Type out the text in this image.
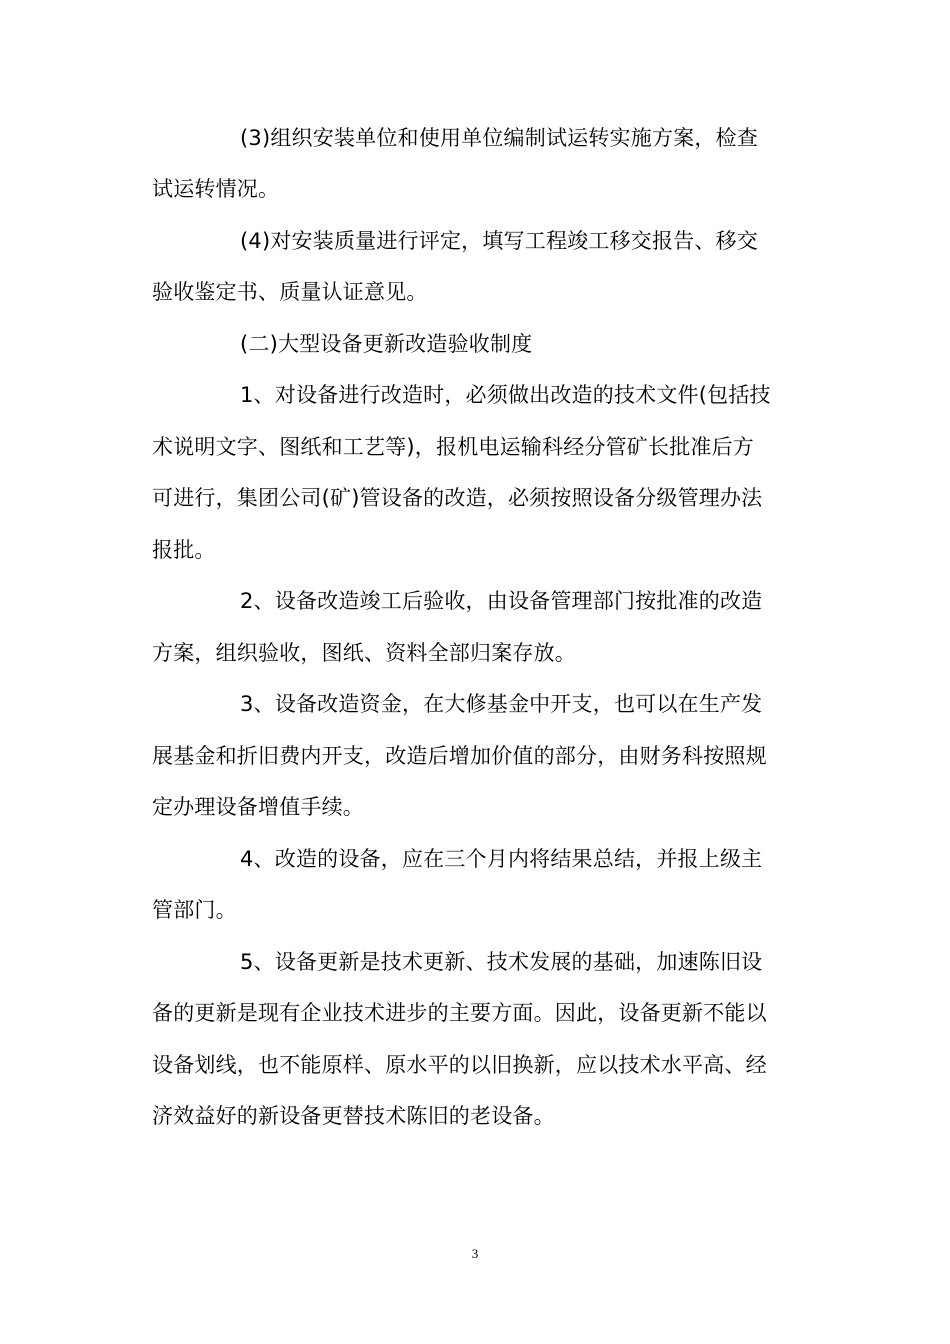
(3)组织安装单位和使用单位编制试运转实施方案，检查
试运转情况。
(4)对安装质量进行评定，填写工程竣工移交报告、移交
验收鉴定书、质量认证意见。
(二)大型设备更新改造验收制度
1、对设备进行改造时，必须做出改造的技术文件(包括技
术说明文字、图纸和工艺等)，报机电运输科经分管矿长批准后方
可进行，集团公司(矿)管设备的改造，必须按照设备分级管理办法
报批。
2、设备改造竣工后验收，由设备管理部门按批准的改造
方案，组织验收，图纸、资料全部归案存放。
3、设备改造资金，在大修基金中开支，也可以在生产发
展基金和折旧费内开支，改造后增加价值的部分，由财务科按照规
定办理设备增值手续。
4、改造的设备，应在三个月内将结果总结，并报上级主
管部门。
5、设备更新是技术更新、技术发展的基础，加速陈旧设
备的更新是现有企业技术进步的主要方面。因此，设备更新不能以
设备划线，也不能原样、原水平的以旧换新，应以技术水平高、经
济效益好的新设备更替技术陈旧的老设备。
3
